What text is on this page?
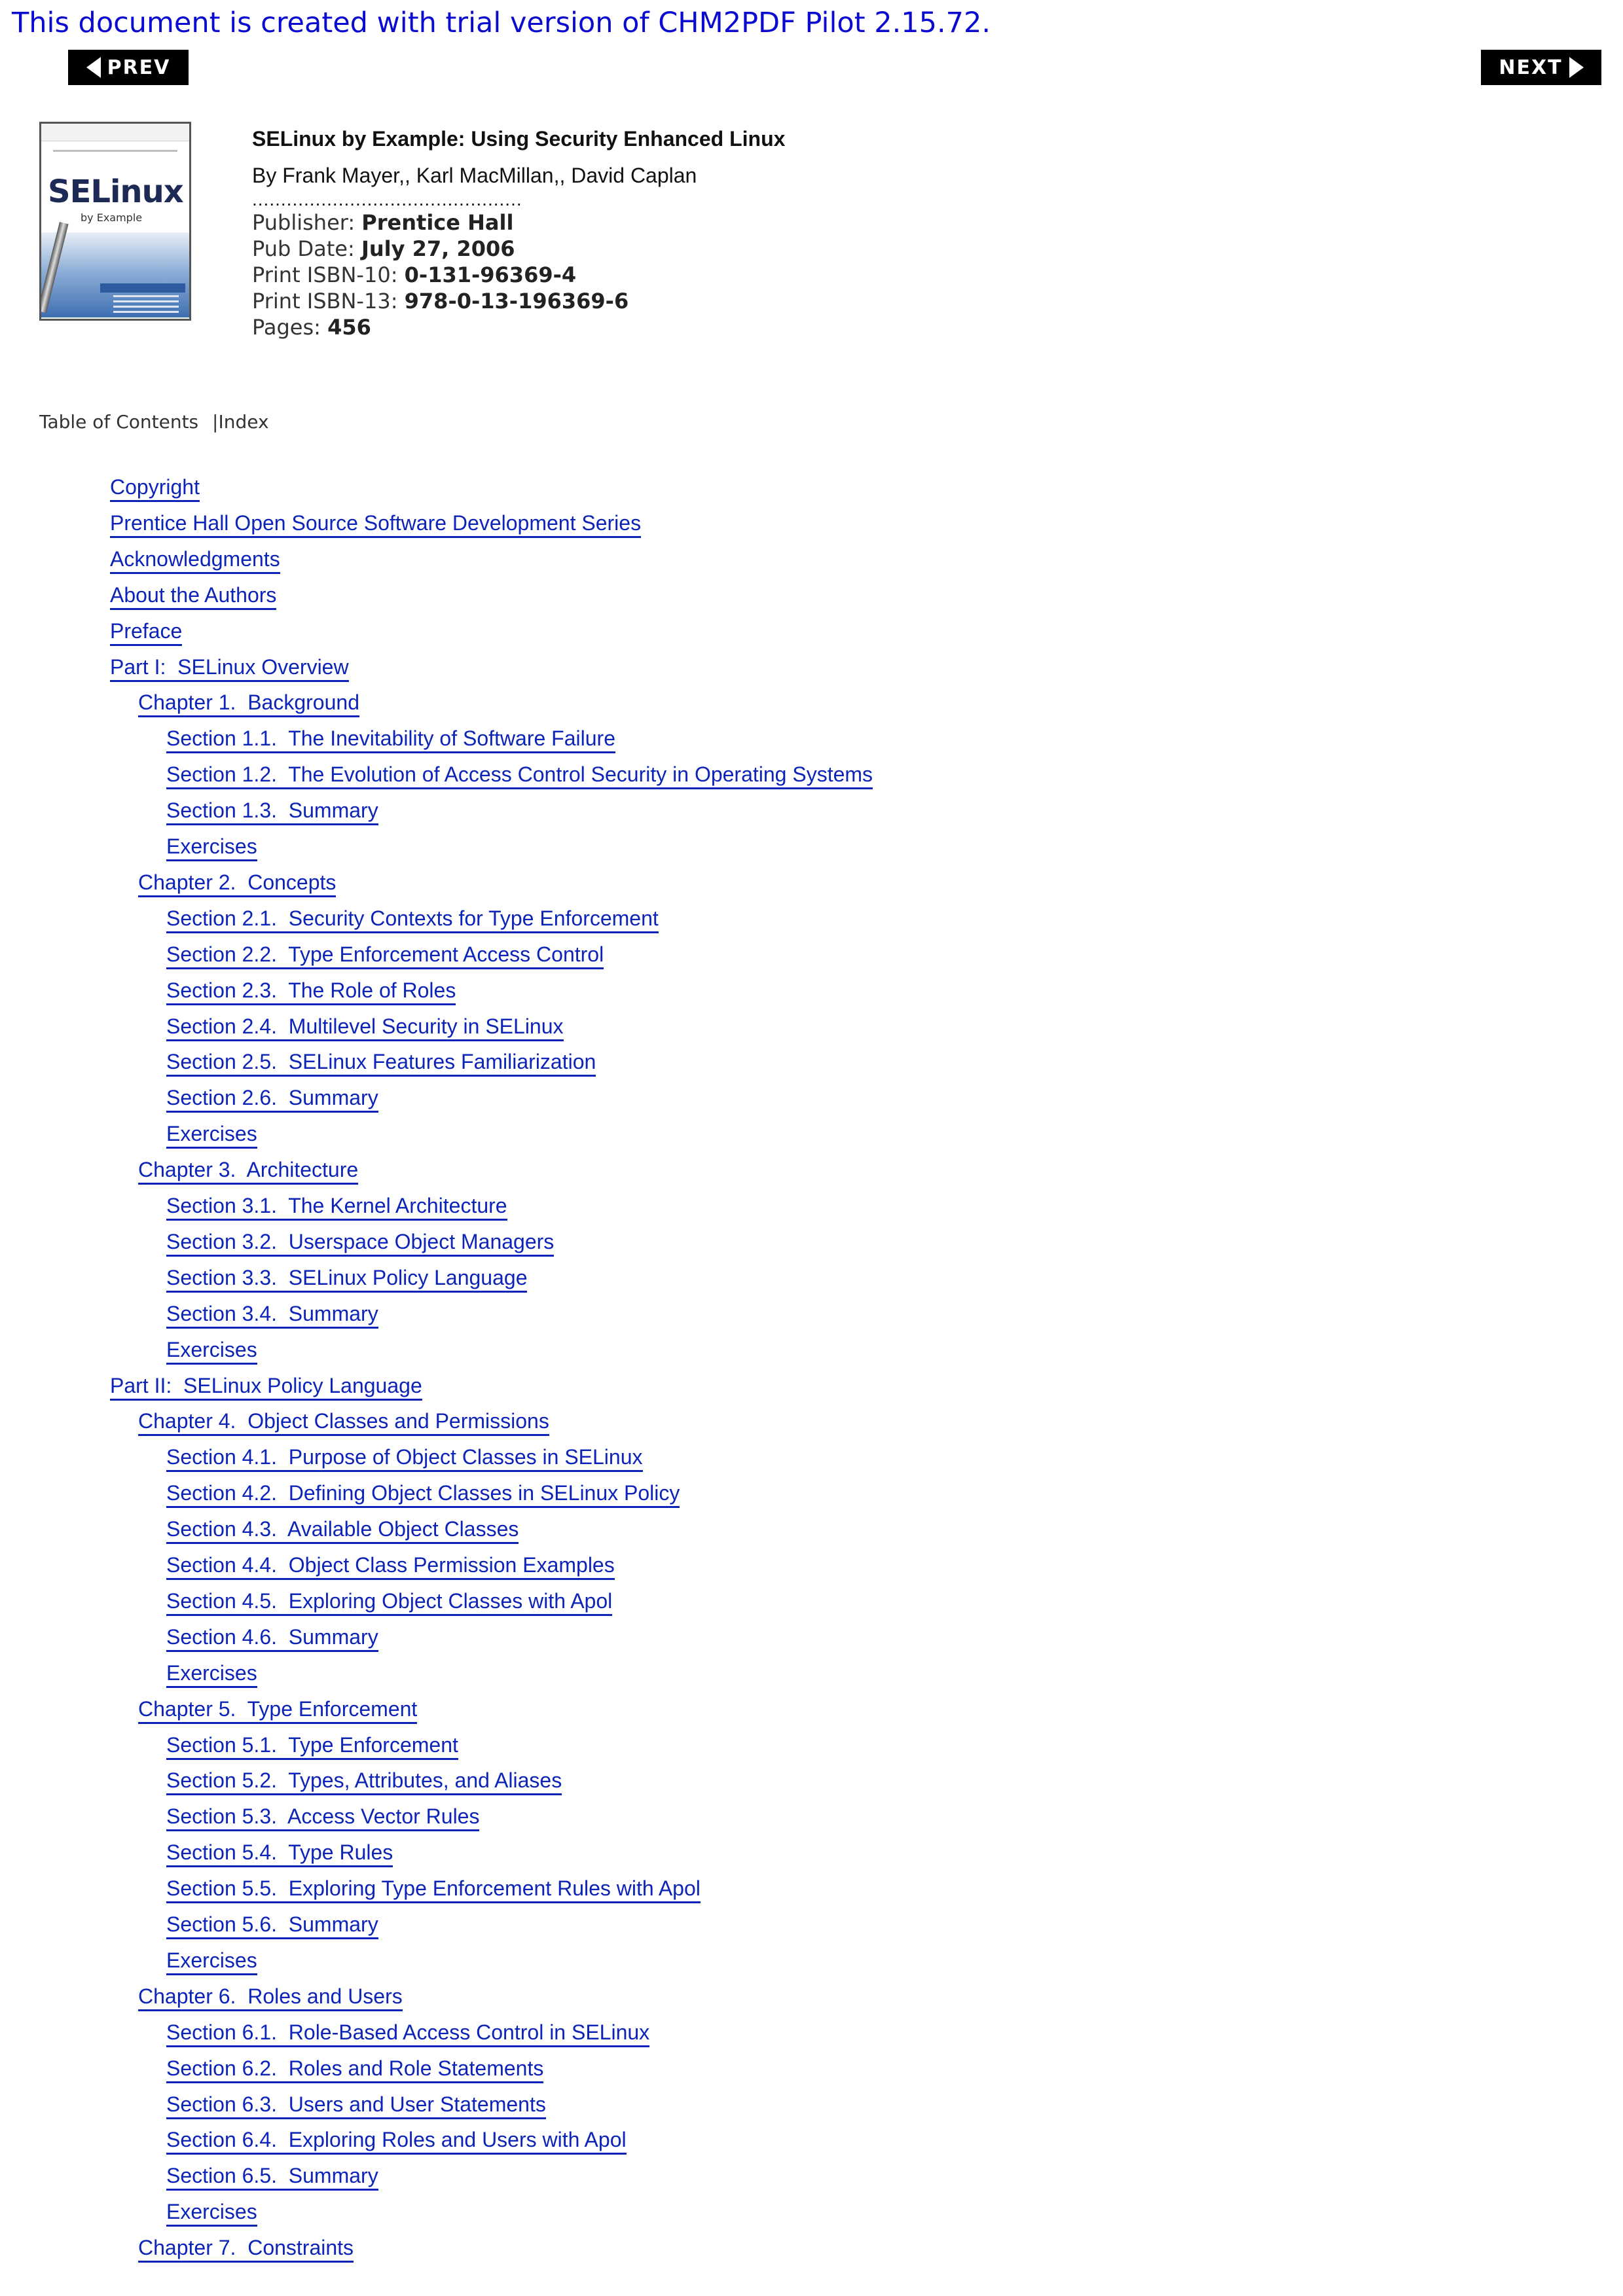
This document is created with trial version of CHM2PDF Pilot 2.15.72.
PREV	NEXT
SELinux
by Example
SELinux by Example: Using Security Enhanced Linux
By Frank Mayer,, Karl MacMillan,, David Caplan
...............................................
Publisher: Prentice Hall
Pub Date: July 27, 2006
Print ISBN-10: 0-131-96369-4
Print ISBN-13: 978-0-13-196369-6
Pages: 456
Table of Contents |Index
Copyright
Prentice Hall Open Source Software Development Series
Acknowledgments
About the Authors
Preface
Part I:  SELinux Overview
Chapter 1.  Background
Section 1.1.  The Inevitability of Software Failure
Section 1.2.  The Evolution of Access Control Security in Operating Systems
Section 1.3.  Summary
Exercises
Chapter 2.  Concepts
Section 2.1.  Security Contexts for Type Enforcement
Section 2.2.  Type Enforcement Access Control
Section 2.3.  The Role of Roles
Section 2.4.  Multilevel Security in SELinux
Section 2.5.  SELinux Features Familiarization
Section 2.6.  Summary
Exercises
Chapter 3.  Architecture
Section 3.1.  The Kernel Architecture
Section 3.2.  Userspace Object Managers
Section 3.3.  SELinux Policy Language
Section 3.4.  Summary
Exercises
Part II:  SELinux Policy Language
Chapter 4.  Object Classes and Permissions
Section 4.1.  Purpose of Object Classes in SELinux
Section 4.2.  Defining Object Classes in SELinux Policy
Section 4.3.  Available Object Classes
Section 4.4.  Object Class Permission Examples
Section 4.5.  Exploring Object Classes with Apol
Section 4.6.  Summary
Exercises
Chapter 5.  Type Enforcement
Section 5.1.  Type Enforcement
Section 5.2.  Types, Attributes, and Aliases
Section 5.3.  Access Vector Rules
Section 5.4.  Type Rules
Section 5.5.  Exploring Type Enforcement Rules with Apol
Section 5.6.  Summary
Exercises
Chapter 6.  Roles and Users
Section 6.1.  Role-Based Access Control in SELinux
Section 6.2.  Roles and Role Statements
Section 6.3.  Users and User Statements
Section 6.4.  Exploring Roles and Users with Apol
Section 6.5.  Summary
Exercises
Chapter 7.  Constraints
